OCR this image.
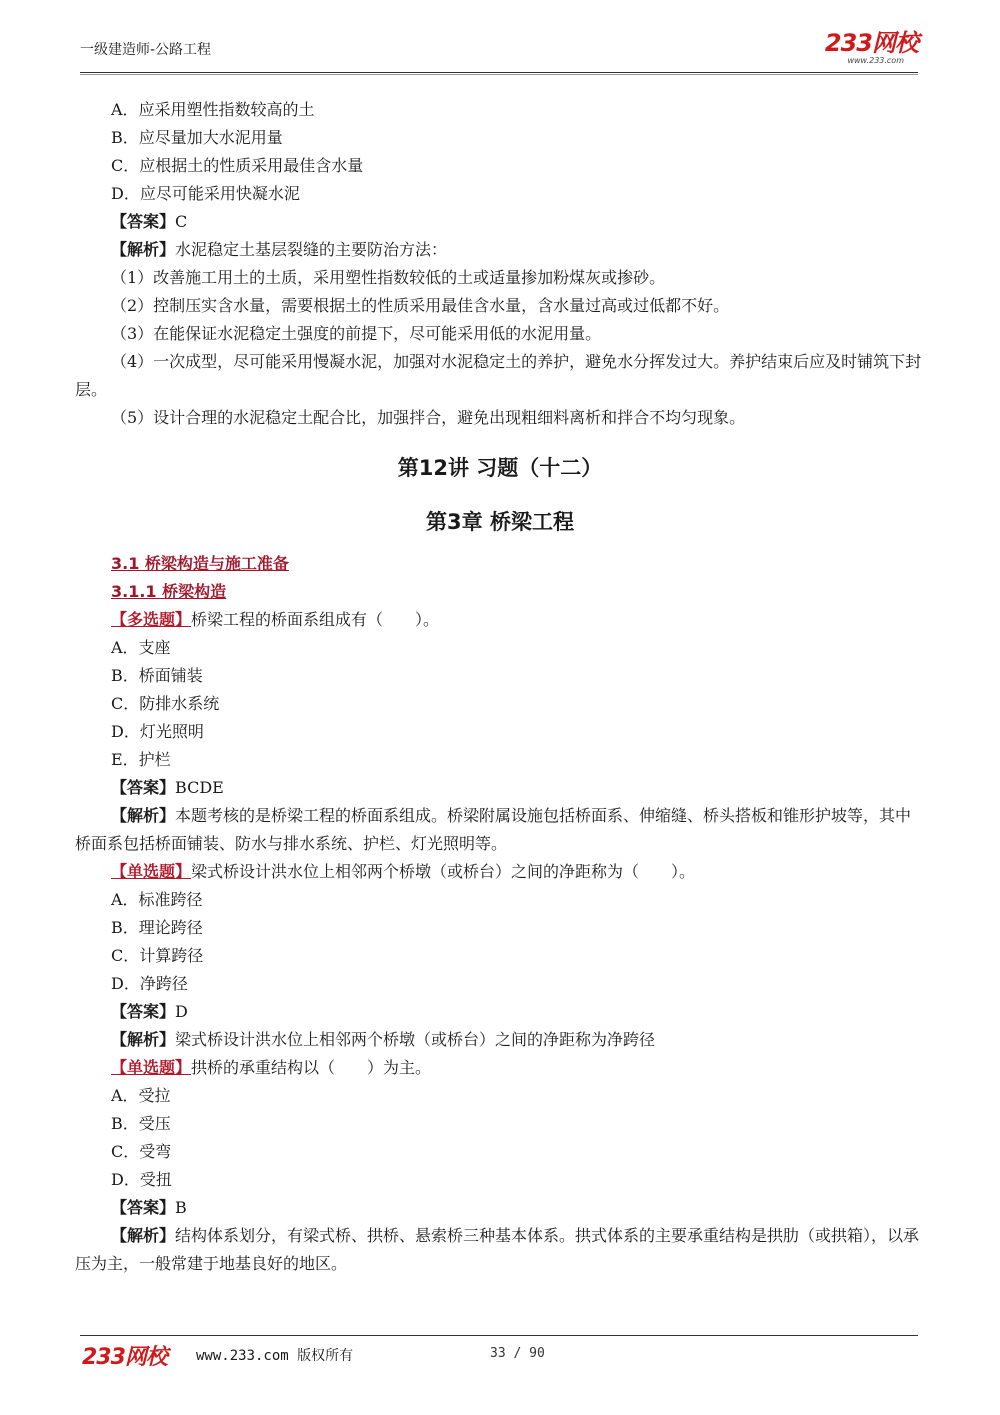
一级建造师-公路工程	233网校
www.233.com
A．应采用塑性指数较高的土
B．应尽量加大水泥用量
C．应根据土的性质采用最佳含水量
D．应尽可能采用快凝水泥
【答案】C
【解析】水泥稳定土基层裂缝的主要防治方法：
（1）改善施工用土的土质，采用塑性指数较低的土或适量掺加粉煤灰或掺砂。
（2）控制压实含水量，需要根据土的性质采用最佳含水量，含水量过高或过低都不好。
（3）在能保证水泥稳定土强度的前提下，尽可能采用低的水泥用量。

（4）一次成型，尽可能采用慢凝水泥，加强对水泥稳定土的养护，避免水分挥发过大。养护结束后应及时铺筑下封层。

（5）设计合理的水泥稳定土配合比，加强拌合，避免出现粗细料离析和拌合不均匀现象。
第12讲 习题（十二）
第3章 桥梁工程
3.1 桥梁构造与施工准备
3.1.1 桥梁构造
【多选题】桥梁工程的桥面系组成有（　　）。
A．支座
B．桥面铺装
C．防排水系统
D．灯光照明
E．护栏
【答案】BCDE

【解析】本题考核的是桥梁工程的桥面系组成。桥梁附属设施包括桥面系、伸缩缝、桥头搭板和锥形护坡等，其中桥面系包括桥面铺装、防水与排水系统、护栏、灯光照明等。

【单选题】梁式桥设计洪水位上相邻两个桥墩（或桥台）之间的净距称为（　　）。
A．标准跨径
B．理论跨径
C．计算跨径
D．净跨径
【答案】D
【解析】梁式桥设计洪水位上相邻两个桥墩（或桥台）之间的净距称为净跨径
【单选题】拱桥的承重结构以（　　）为主。
A．受拉
B．受压
C．受弯
D．受扭
【答案】B

【解析】结构体系划分，有梁式桥、拱桥、悬索桥三种基本体系。拱式体系的主要承重结构是拱肋（或拱箱），以承压为主，一般常建于地基良好的地区。

233网校 www.233.com 版权所有	33 / 90
